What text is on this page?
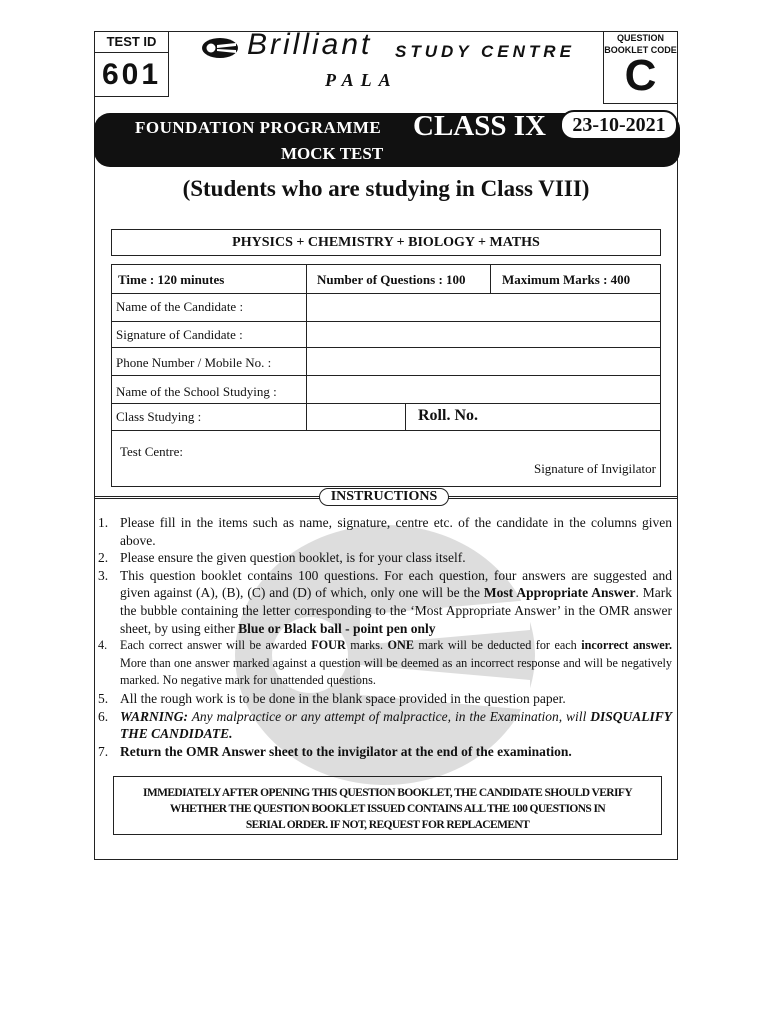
TEST ID
601
QUESTION
BOOKLET CODE
C
Brilliant STUDY CENTRE
PALA
FOUNDATION PROGRAMME CLASS IX
MOCK TEST
23-10-2021
(Students who are studying in Class VIII)
PHYSICS + CHEMISTRY + BIOLOGY + MATHS
Time : 120 minutes	Number of Questions : 100	Maximum Marks : 400
Name of the Candidate :
Signature of Candidate :
Phone Number / Mobile No. :
Name of the School Studying :
Class Studying :	Roll. No.
Test Centre:
Signature of Invigilator
INSTRUCTIONS
1. Please fill in the items such as name, signature, centre etc. of the candidate in the columns given above.
2. Please ensure the given question booklet, is for your class itself.
3. This question booklet contains 100 questions. For each question, four answers are suggested and given against (A), (B), (C) and (D) of which, only one will be the Most Appropriate Answer. Mark the bubble containing the letter corresponding to the ‘Most Appropriate Answer’ in the OMR answer sheet, by using either Blue or Black ball - point pen only
4. Each correct answer will be awarded FOUR marks. ONE mark will be deducted for each incorrect answer. More than one answer marked against a question will be deemed as an incorrect response and will be negatively marked. No negative mark for unattended questions.
5. All the rough work is to be done in the blank space provided in the question paper.
6. WARNING: Any malpractice or any attempt of malpractice, in the Examination, will DISQUALIFY THE CANDIDATE.
7. Return the OMR Answer sheet to the invigilator at the end of the examination.
IMMEDIATELY AFTER OPENING THIS QUESTION BOOKLET, THE CANDIDATE SHOULD VERIFY
WHETHER THE QUESTION BOOKLET ISSUED CONTAINS ALL THE 100 QUESTIONS IN
SERIAL ORDER. IF NOT, REQUEST FOR REPLACEMENT
